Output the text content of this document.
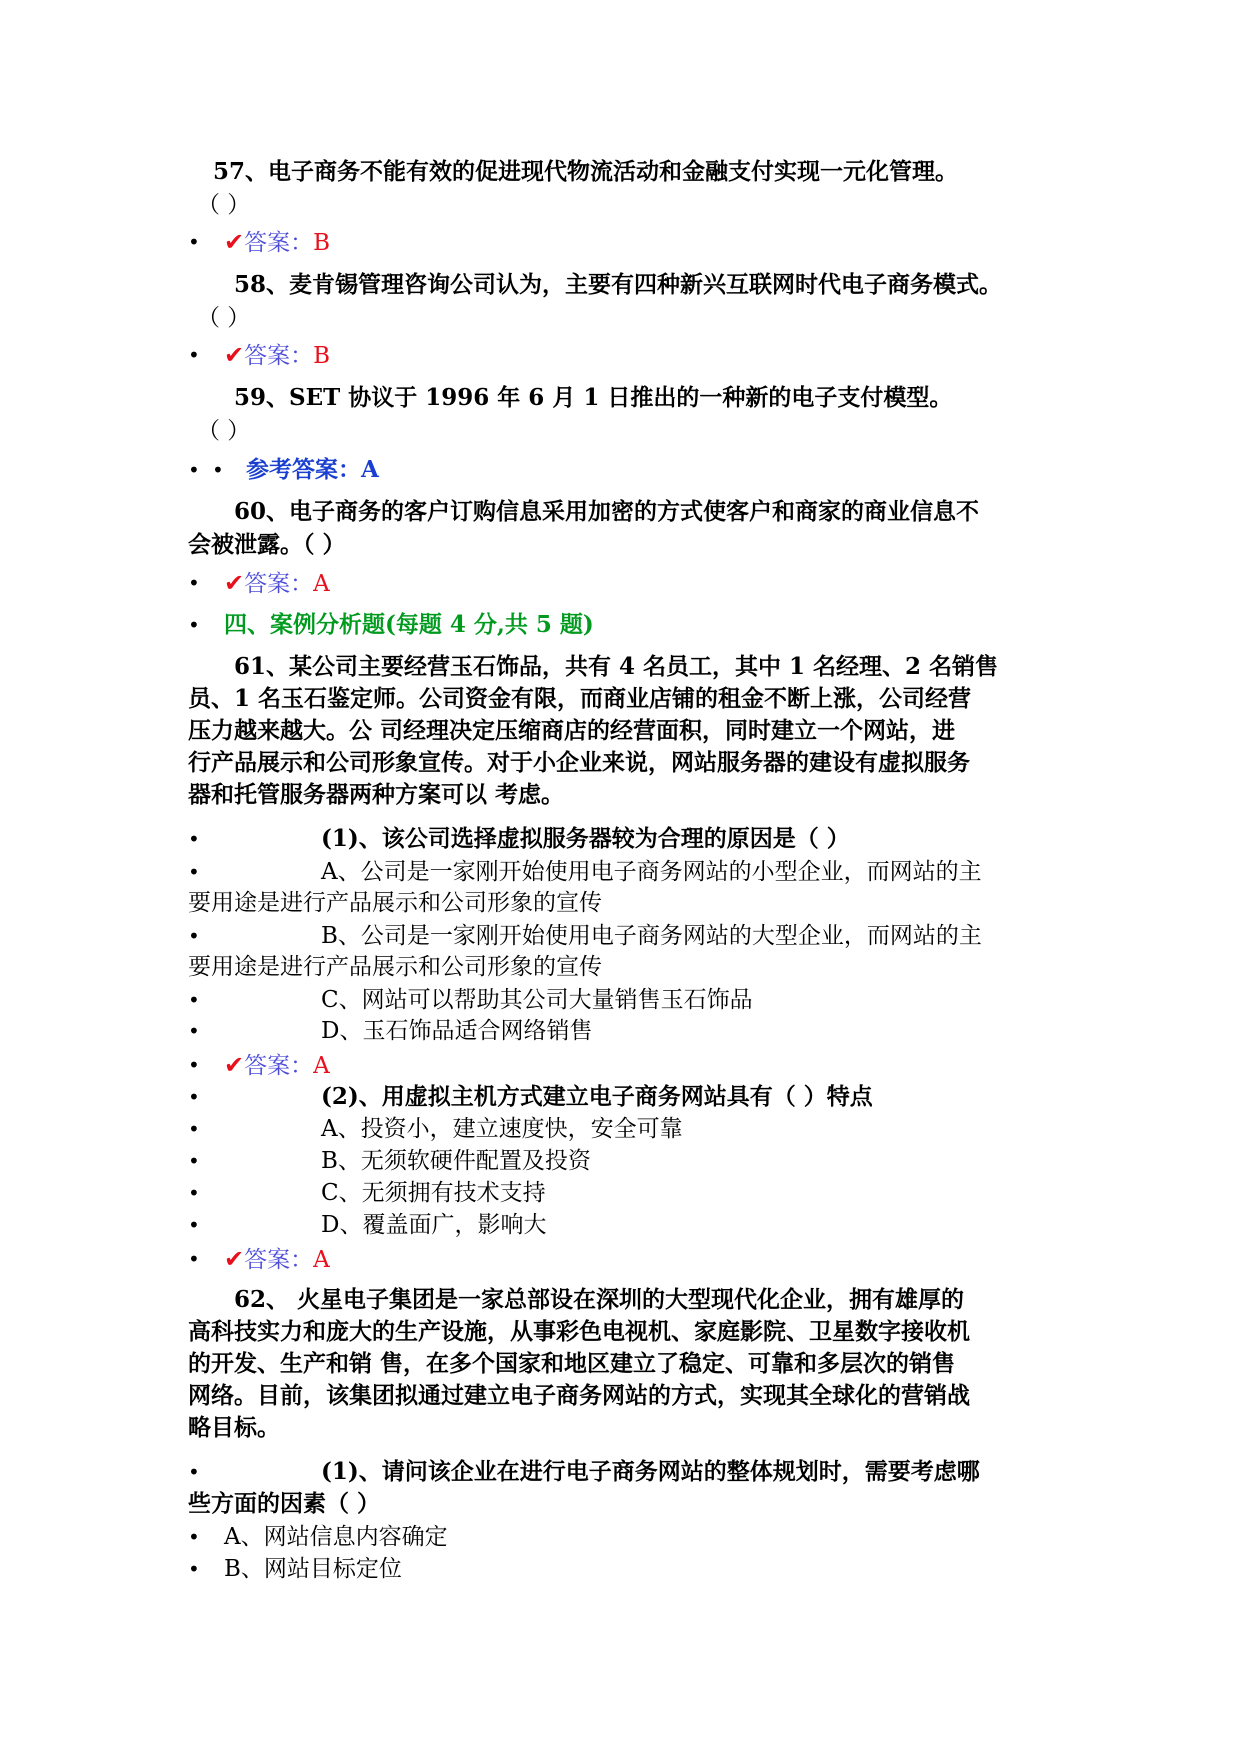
57、电子商务不能有效的促进现代物流活动和金融支付实现一元化管理。
（ ）
• ✔答案：B
58、麦肯锡管理咨询公司认为，主要有四种新兴互联网时代电子商务模式。
（ ）
• ✔答案：B
59、SET 协议于 1996 年 6 月 1 日推出的一种新的电子支付模型。
（ ）
• • 参考答案：A
60、电子商务的客户订购信息采用加密的方式使客户和商家的商业信息不
会被泄露。（ ）
• ✔答案：A
• 四、案例分析题(每题 4 分,共 5 题)
61、某公司主要经营玉石饰品，共有 4 名员工，其中 1 名经理、2 名销售
员、1 名玉石鉴定师。公司资金有限，而商业店铺的租金不断上涨，公司经营
压力越来越大。公 司经理决定压缩商店的经营面积，同时建立一个网站，进
行产品展示和公司形象宣传。对于小企业来说，网站服务器的建设有虚拟服务
器和托管服务器两种方案可以 考虑。
•	(1)、该公司选择虚拟服务器较为合理的原因是（ ）
•	A、公司是一家刚开始使用电子商务网站的小型企业，而网站的主
要用途是进行产品展示和公司形象的宣传
•	B、公司是一家刚开始使用电子商务网站的大型企业，而网站的主
要用途是进行产品展示和公司形象的宣传
•	C、网站可以帮助其公司大量销售玉石饰品
•	D、玉石饰品适合网络销售
• ✔答案：A
•	(2)、用虚拟主机方式建立电子商务网站具有（ ）特点
•	A、投资小，建立速度快，安全可靠
•	B、无须软硬件配置及投资
•	C、无须拥有技术支持
•	D、覆盖面广，影响大
• ✔答案：A
62、 火星电子集团是一家总部设在深圳的大型现代化企业，拥有雄厚的
高科技实力和庞大的生产设施，从事彩色电视机、家庭影院、卫星数字接收机
的开发、生产和销 售，在多个国家和地区建立了稳定、可靠和多层次的销售
网络。目前，该集团拟通过建立电子商务网站的方式，实现其全球化的营销战
略目标。
•	(1)、请问该企业在进行电子商务网站的整体规划时，需要考虑哪
些方面的因素（ ）
• A、网站信息内容确定
• B、网站目标定位
